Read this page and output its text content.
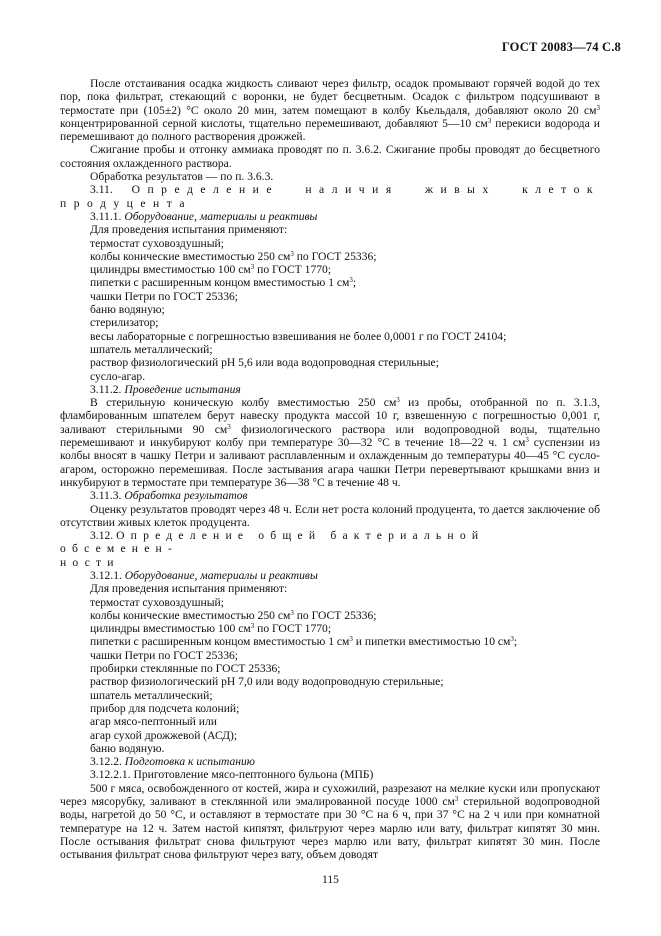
ГОСТ 20083—74 С.8

После отстаивания осадка жидкость сливают через фильтр, осадок промывают горячей водой до тех пор, пока фильтрат, стекающий с воронки, не будет бесцветным. Осадок с фильтром подсушивают в термостате при (105±2) °С около 20 мин, затем помещают в колбу Кьельдаля, добавляют около 20 $см^3$ концентрированной серной кислоты, тщательно перемешивают, добавляют 5—10 $см^3$ перекиси водорода и перемешивают до полного растворения дрожжей.

Сжигание пробы и отгонку аммиака проводят по п. 3.6.2. Сжигание пробы проводят до бесцветного состояния охлажденного раствора.

Обработка результатов — по п. 3.6.3.

3.11. Определение наличия живых клеток продуцента

3.11.1. Оборудование, материалы и реактивы

Для проведения испытания применяют:

термостат суховоздушный;

колбы конические вместимостью 250 $см^3$ по ГОСТ 25336;

цилиндры вместимостью 100 $см^3$ по ГОСТ 1770;

пипетки с расширенным концом вместимостью 1 $см^3$;

чашки Петри по ГОСТ 25336;

баню водяную;

стерилизатор;

весы лабораторные с погрешностью взвешивания не более 0,0001 г по ГОСТ 24104;

шпатель металлический;

раствор физиологический рН 5,6 или вода водопроводная стерильные;

сусло-агар.

3.11.2. Проведение испытания

В стерильную коническую колбу вместимостью 250 $см^3$ из пробы, отобранной по п. 3.1.3, фламбированным шпателем берут навеску продукта массой 10 г, взвешенную с погрешностью 0,001 г, заливают стерильными 90 $см^3$ физиологического раствора или водопроводной воды, тщательно перемешивают и инкубируют колбу при температуре 30—32 °С в течение 18—22 ч. 1 $см^3$ суспензии из колбы вносят в чашку Петри и заливают расплавленным и охлажденным до температуры 40—45 °С сусло-агаром, осторожно перемешивая. После застывания агара чашки Петри перевертывают крышками вниз и инкубируют в термостате при температуре 36—38 °С в течение 48 ч.

3.11.3. Обработка результатов

Оценку результатов проводят через 48 ч. Если нет роста колоний продуцента, то дается заключение об отсутствии живых клеток продуцента.

3.12. Определение общей бактериальной обсеменен-
ности

3.12.1. Оборудование, материалы и реактивы

Для проведения испытания применяют:

термостат суховоздушный;

колбы конические вместимостью 250 $см^3$ по ГОСТ 25336;

цилиндры вместимостью 100 $см^3$ по ГОСТ 1770;

пипетки с расширенным концом вместимостью 1 $см^3$ и пипетки вместимостью 10 $см^3$;

чашки Петри по ГОСТ 25336;

пробирки стеклянные по ГОСТ 25336;

раствор физиологический рН 7,0 или воду водопроводную стерильные;

шпатель металлический;

прибор для подсчета колоний;

агар мясо-пептонный или

агар сухой дрожжевой (АСД);

баню водяную.

3.12.2. Подготовка к испытанию

3.12.2.1. Приготовление мясо-пептонного бульона (МПБ)

500 г мяса, освобожденного от костей, жира и сухожилий, разрезают на мелкие куски или пропускают через мясорубку, заливают в стеклянной или эмалированной посуде 1000 $см^3$ стерильной водопроводной воды, нагретой до 50 °С, и оставляют в термостате при 30 °С на 6 ч, при 37 °С на 2 ч или при комнатной температуре на 12 ч. Затем настой кипятят, фильтруют через марлю или вату, фильтрат кипятят 30 мин. После остывания фильтрат снова фильтруют через марлю или вату, фильтрат кипятят 30 мин. После остывания фильтрат снова фильтруют через вату, объем доводят

115
